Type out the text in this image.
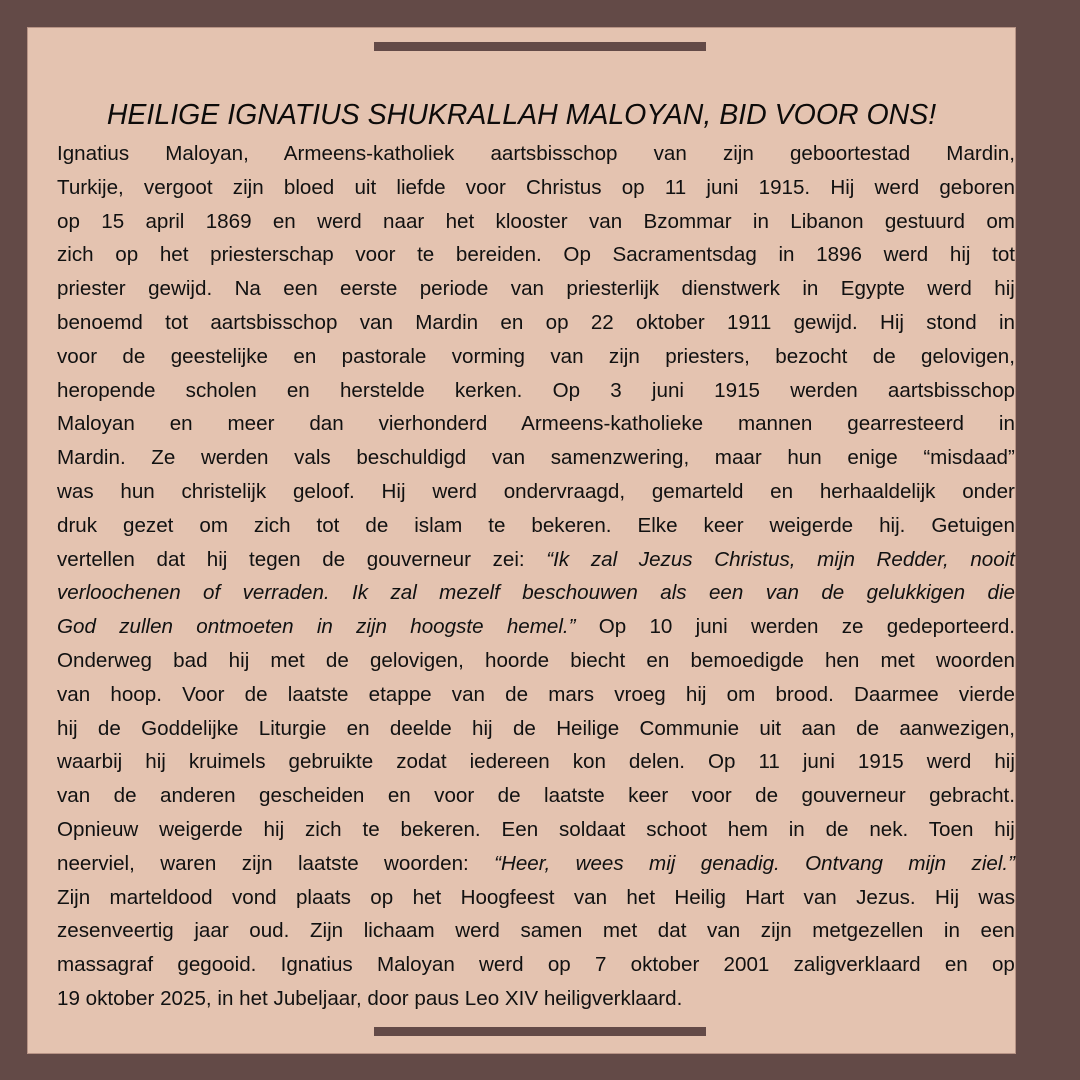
HEILIGE IGNATIUS SHUKRALLAH MALOYAN, BID VOOR ONS!
Ignatius Maloyan, Armeens-katholiek aartsbisschop van zijn geboortestad Mardin,
Turkije, vergoot zijn bloed uit liefde voor Christus op 11 juni 1915. Hij werd geboren
op 15 april 1869 en werd naar het klooster van Bzommar in Libanon gestuurd om
zich op het priesterschap voor te bereiden. Op Sacramentsdag in 1896 werd hij tot
priester gewijd. Na een eerste periode van priesterlijk dienstwerk in Egypte werd hij
benoemd tot aartsbisschop van Mardin en op 22 oktober 1911 gewijd. Hij stond in
voor de geestelijke en pastorale vorming van zijn priesters, bezocht de gelovigen,
heropende scholen en herstelde kerken. Op 3 juni 1915 werden aartsbisschop
Maloyan en meer dan vierhonderd Armeens-katholieke mannen gearresteerd in
Mardin. Ze werden vals beschuldigd van samenzwering, maar hun enige “misdaad”
was hun christelijk geloof. Hij werd ondervraagd, gemarteld en herhaaldelijk onder
druk gezet om zich tot de islam te bekeren. Elke keer weigerde hij. Getuigen
vertellen dat hij tegen de gouverneur zei: “Ik zal Jezus Christus, mijn Redder, nooit
verloochenen of verraden. Ik zal mezelf beschouwen als een van de gelukkigen die
God zullen ontmoeten in zijn hoogste hemel.” Op 10 juni werden ze gedeporteerd.
Onderweg bad hij met de gelovigen, hoorde biecht en bemoedigde hen met woorden
van hoop. Voor de laatste etappe van de mars vroeg hij om brood. Daarmee vierde
hij de Goddelijke Liturgie en deelde hij de Heilige Communie uit aan de aanwezigen,
waarbij hij kruimels gebruikte zodat iedereen kon delen. Op 11 juni 1915 werd hij
van de anderen gescheiden en voor de laatste keer voor de gouverneur gebracht.
Opnieuw weigerde hij zich te bekeren. Een soldaat schoot hem in de nek. Toen hij
neerviel, waren zijn laatste woorden: “Heer, wees mij genadig. Ontvang mijn ziel.”
Zijn marteldood vond plaats op het Hoogfeest van het Heilig Hart van Jezus. Hij was
zesenveertig jaar oud. Zijn lichaam werd samen met dat van zijn metgezellen in een
massagraf gegooid. Ignatius Maloyan werd op 7 oktober 2001 zaligverklaard en op
19 oktober 2025, in het Jubeljaar, door paus Leo XIV heiligverklaard.
